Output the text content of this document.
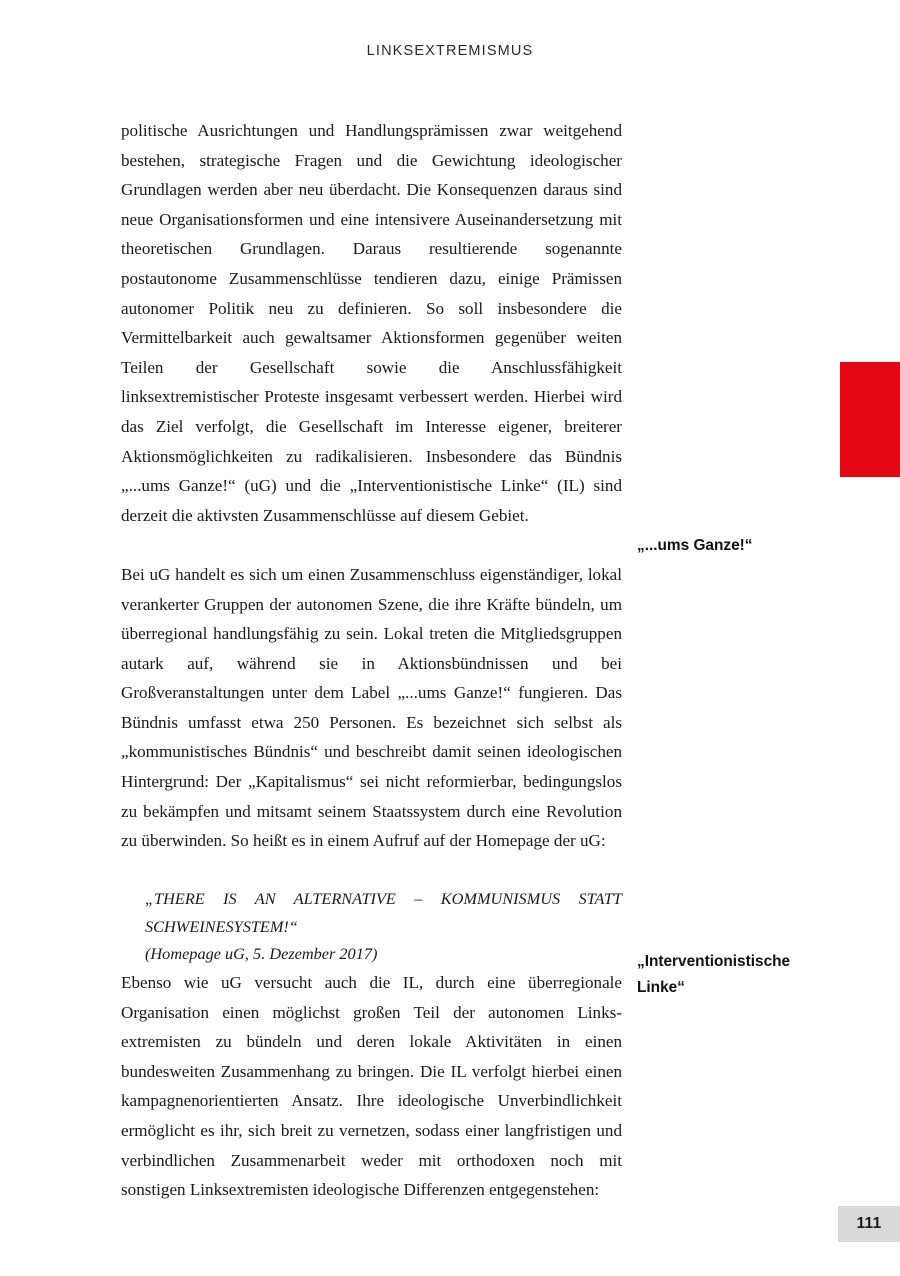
LINKSEXTREMISMUS

politische Ausrichtungen und Handlungsprämissen zwar weitgehend bestehen, strategische Fragen und die Gewichtung ideologischer Grundlagen werden aber neu überdacht. Die Konsequenzen daraus sind neue Organisationsformen und eine intensivere Auseinandersetzung mit theoretischen Grundlagen. Daraus resultierende sogenannte postautonome Zusammenschlüsse tendieren dazu, einige Prämissen autonomer Politik neu zu definieren. So soll insbesondere die Vermittelbarkeit auch gewaltsamer Aktionsformen gegenüber weiten Teilen der Gesellschaft sowie die Anschlussfähigkeit linksextremistischer Proteste insgesamt verbessert werden. Hierbei wird das Ziel verfolgt, die Gesellschaft im Interesse eigener, breiterer Aktionsmöglichkeiten zu radikalisieren. Insbesondere das Bündnis „...ums Ganze!“ (uG) und die „Interventionistische Linke“ (IL) sind derzeit die aktivsten Zusammenschlüsse auf diesem Gebiet.

Bei uG handelt es sich um einen Zusammenschluss eigenständiger, lokal verankerter Gruppen der autonomen Szene, die ihre Kräfte bündeln, um überregional handlungsfähig zu sein. Lokal treten die Mitgliedsgruppen autark auf, während sie in Aktionsbündnissen und bei Großveranstaltungen unter dem Label „...ums Ganze!“ fungieren. Das Bündnis umfasst etwa 250 Personen. Es bezeichnet sich selbst als „kommunistisches Bündnis“ und beschreibt damit seinen ideologischen Hintergrund: Der „Kapitalismus“ sei nicht reformierbar, bedingungslos zu bekämpfen und mitsamt seinem Staatssystem durch eine Revolution zu überwinden. So heißt es in einem Aufruf auf der Homepage der uG:

„THERE IS AN ALTERNATIVE – KOMMUNISMUS STATT SCHWEINESYSTEM!“

(Homepage uG, 5. Dezember 2017)

Ebenso wie uG versucht auch die IL, durch eine überregionale Organisation einen möglichst großen Teil der autonomen Linksextremisten zu bündeln und deren lokale Aktivitäten in einen bundesweiten Zusammenhang zu bringen. Die IL verfolgt hierbei einen kampagnenorientierten Ansatz. Ihre ideologische Unverbindlichkeit ermöglicht es ihr, sich breit zu vernetzen, sodass einer langfristigen und verbindlichen Zusammenarbeit weder mit orthodoxen noch mit sonstigen Linksextremisten ideologische Differenzen entgegenstehen:

„...ums Ganze!“
„Interventionistische Linke“
111
